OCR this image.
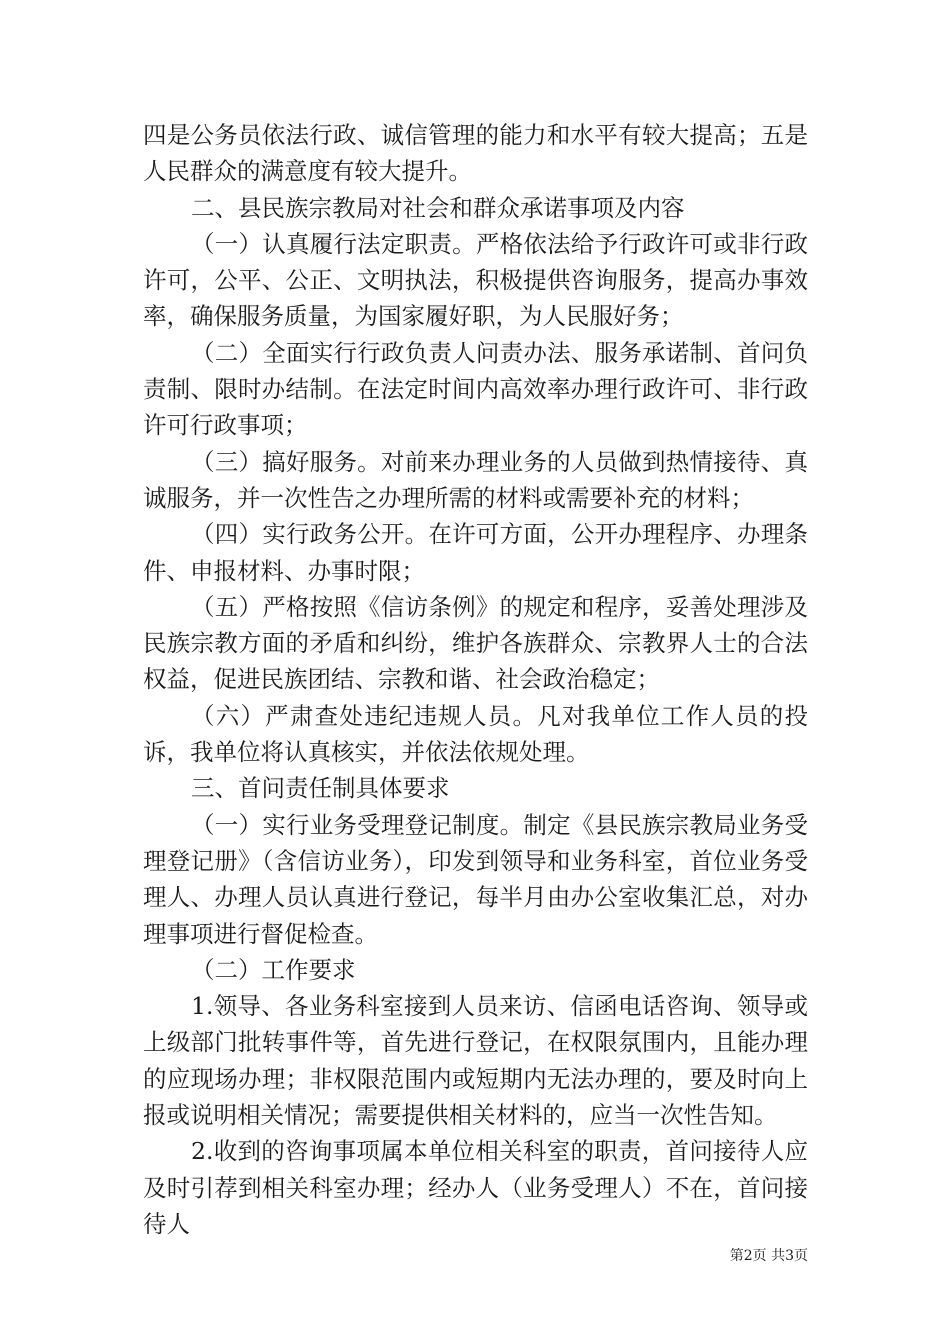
四是公务员依法行政、诚信管理的能力和水平有较大提高；五是人民群众的满意度有较大提升。

二、县民族宗教局对社会和群众承诺事项及内容

（一）认真履行法定职责。严格依法给予行政许可或非行政许可，公平、公正、文明执法，积极提供咨询服务，提高办事效率，确保服务质量，为国家履好职，为人民服好务；

（二）全面实行行政负责人问责办法、服务承诺制、首问负责制、限时办结制。在法定时间内高效率办理行政许可、非行政许可行政事项；

（三）搞好服务。对前来办理业务的人员做到热情接待、真诚服务，并一次性告之办理所需的材料或需要补充的材料；

（四）实行政务公开。在许可方面，公开办理程序、办理条件、申报材料、办事时限；

（五）严格按照《信访条例》的规定和程序，妥善处理涉及民族宗教方面的矛盾和纠纷，维护各族群众、宗教界人士的合法权益，促进民族团结、宗教和谐、社会政治稳定；

（六）严肃查处违纪违规人员。凡对我单位工作人员的投诉，我单位将认真核实，并依法依规处理。

三、首问责任制具体要求

（一）实行业务受理登记制度。制定《县民族宗教局业务受理登记册》（含信访业务），印发到领导和业务科室，首位业务受理人、办理人员认真进行登记，每半月由办公室收集汇总，对办理事项进行督促检查。

（二）工作要求

1.领导、各业务科室接到人员来访、信函电话咨询、领导或上级部门批转事件等，首先进行登记，在权限氛围内，且能办理的应现场办理；非权限范围内或短期内无法办理的，要及时向上报或说明相关情况；需要提供相关材料的，应当一次性告知。

2.收到的咨询事项属本单位相关科室的职责，首问接待人应及时引荐到相关科室办理；经办人（业务受理人）不在，首问接待人

第2页 共3页
